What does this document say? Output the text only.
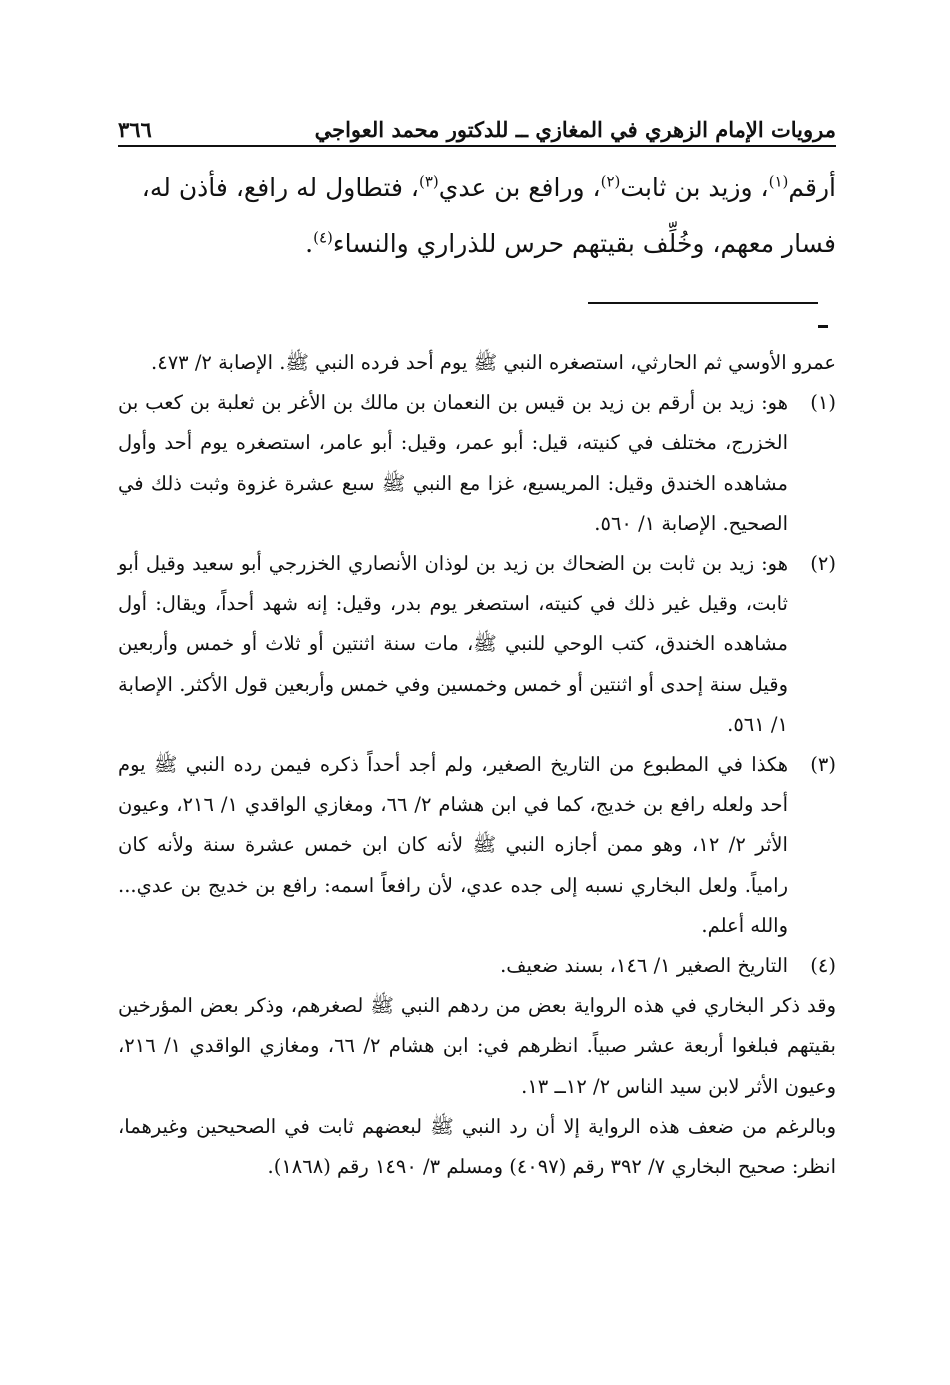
مرويات الإمام الزهري في المغازي ــ للدكتور محمد العواجي
٣٦٦

أرقم$^{(١)}$، وزيد بن ثابت$^{(٢)}$، ورافع بن عدي$^{(٣)}$، فتطاول له رافع، فأذن له،

فسار معهم، وخُلِّف بقيتهم حرس للذراري والنساء$^{(٤)}$.

عمرو الأوسي ثم الحارثي، استصغره النبي ﷺ يوم أحد فرده النبي ﷺ. الإصابة ٢/ ٤٧٣.

(١)
هو: زيد بن أرقم بن زيد بن قيس بن النعمان بن مالك بن الأغر بن ثعلبة بن كعب بن الخزرج، مختلف في كنيته، قيل: أبو عمر، وقيل: أبو عامر، استصغره يوم أحد وأول مشاهده الخندق وقيل: المريسيع، غزا مع النبي ﷺ سبع عشرة غزوة وثبت ذلك في الصحيح. الإصابة ١/ ٥٦٠.
(٢)
هو: زيد بن ثابت بن الضحاك بن زيد بن لوذان الأنصاري الخزرجي أبو سعيد وقيل أبو ثابت، وقيل غير ذلك في كنيته، استصغر يوم بدر، وقيل: إنه شهد أحداً، ويقال: أول مشاهده الخندق، كتب الوحي للنبي ﷺ، مات سنة اثنتين أو ثلاث أو خمس وأربعين وقيل سنة إحدى أو اثنتين أو خمس وخمسين وفي خمس وأربعين قول الأكثر. الإصابة ١/ ٥٦١.
(٣)
هكذا في المطبوع من التاريخ الصغير، ولم أجد أحداً ذكره فيمن رده النبي ﷺ يوم أحد ولعله رافع بن خديج، كما في ابن هشام ٢/ ٦٦، ومغازي الواقدي ١/ ٢١٦، وعيون الأثر ٢/ ١٢، وهو ممن أجازه النبي ﷺ لأنه كان ابن خمس عشرة سنة ولأنه كان رامياً. ولعل البخاري نسبه إلى جده عدي، لأن رافعاً اسمه: رافع بن خديج بن عدي... والله أعلم.
(٤)
التاريخ الصغير ١/ ١٤٦، بسند ضعيف.

وقد ذكر البخاري في هذه الرواية بعض من ردهم النبي ﷺ لصغرهم، وذكر بعض المؤرخين بقيتهم فبلغوا أربعة عشر صبياً. انظرهم في: ابن هشام ٢/ ٦٦، ومغازي الواقدي ١/ ٢١٦، وعيون الأثر لابن سيد الناس ٢/ ١٢ــ ١٣.

وبالرغم من ضعف هذه الرواية إلا أن رد النبي ﷺ لبعضهم ثابت في الصحيحين وغيرهما، انظر: صحيح البخاري ٧/ ٣٩٢ رقم (٤٠٩٧) ومسلم ٣/ ١٤٩٠ رقم (١٨٦٨).
